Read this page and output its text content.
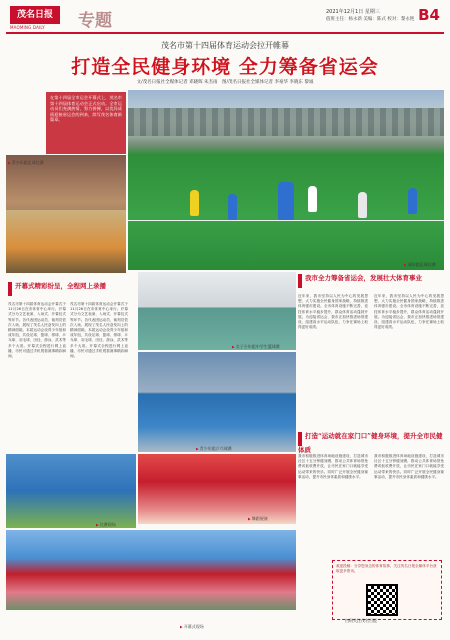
茂名日报
MAOMING DAILY 专题	2021年12月1日 星期三
值班主任：杨永新 美编：陈式 校对：黎永艳 B4
茂名市第十四届体育运动会拉开帷幕
打造全民健身环境 全力筹备省运会
文/茂名日报社全媒体记者 邓晓晖 朱杰雨　图/茂名日报社全媒体记者 李豪华 李晓东 黎诚
▶ 成年组足球比赛
在第十四届全市运会开幕式上，茂名市第十四届体育运动会正式启动。全市运动员们充满热情，努力拼搏，以优异成绩迎接省运会的到来，续写茂名体育新篇章。
▶ 青少年组足球比赛
开幕式精彩纷呈，全程网上录播
茂名市第十四届体育运动会开幕式于11月26日在市体育中心举行。开幕式分为文艺表演、入场式、开幕仪式等环节。各代表团运动员、裁判员依次入场，展现了茂名人民奋发向上的精神面貌。本届运动会设青少年组和成年组，共设足球、篮球、排球、乒乓球、羽毛球、田径、游泳、武术等多个大项。开幕式全程进行网上直播，市民可通过手机观看赛事精彩瞬间。
茂名市第十四届体育运动会开幕式于11月26日在市体育中心举行。开幕式分为文艺表演、入场式、开幕仪式等环节。各代表团运动员、裁判员依次入场，展现了茂名人民奋发向上的精神面貌。本届运动会设青少年组和成年组，共设足球、篮球、排球、乒乓球、羽毛球、田径、游泳、武术等多个大项。开幕式全程进行网上直播，市民可通过手机观看赛事精彩瞬间。
▶ 女子少年组中学生篮球赛
▶ 青少年组乒乓球赛
▶ 舞蹈展演
▶ 比赛现场
▶ 开幕式现场
我市全力筹备省运会，发展壮大体育事业
近年来，我市坚持以人民为中心的发展思想，大力实施全民健身国家战略，持续推进体育强市建设。全市体育设施不断完善，竞技体育水平稳步提升，群众体育活动蓬勃开展。为迎接省运会，我市正加快推进场馆建设，组建高水平运动队伍，力争在赛场上取得更好成绩。
近年来，我市坚持以人民为中心的发展思想，大力实施全民健身国家战略，持续推进体育强市建设。全市体育设施不断完善，竞技体育水平稳步提升，群众体育活动蓬勃开展。为迎接省运会，我市正加快推进场馆建设，组建高水平运动队伍，力争在赛场上取得更好成绩。
打造“运动就在家门口”健身环境，提升全市民健体质
我市积极推进体育场地设施建设，打造城市社区十五分钟健身圈，推动公共体育场馆免费或低收费开放，让市民在家门口就能享受运动带来的快乐。同时广泛开展全民健身赛事活动，提升市民身体素质和健康水平。
我市积极推进体育场地设施建设，打造城市社区十五分钟健身圈，推动公共体育场馆免费或低收费开放，让市民在家门口就能享受运动带来的快乐。同时广泛开展全民健身赛事活动，提升市民身体素质和健康水平。
欢迎投稿：分享您身边的体育故事，关注茂名日报全媒体平台获取更多资讯。
扫码关注茂名日报
